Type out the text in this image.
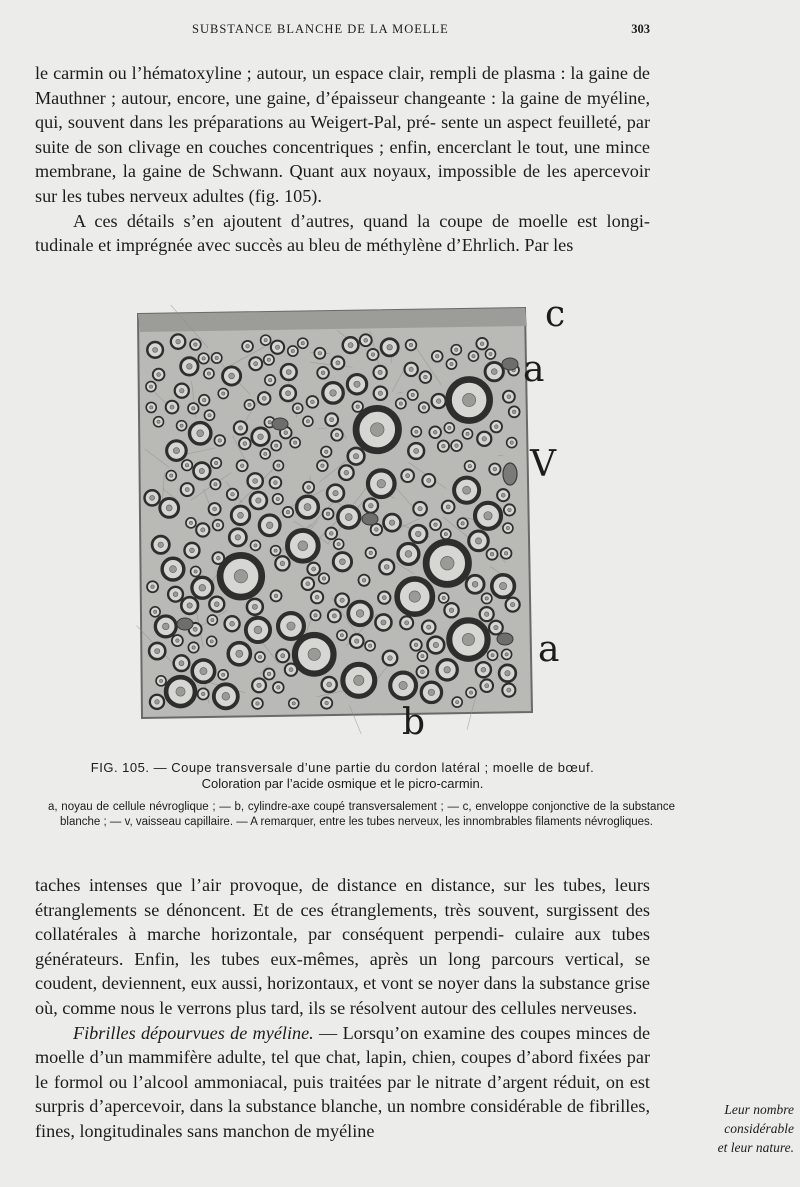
SUBSTANCE BLANCHE DE LA MOELLE	303

le carmin ou l’hématoxyline ; autour, un espace clair, rempli de plasma : la gaine de Mauthner ; autour, encore, une gaine, d’épaisseur changeante : la gaine de myéline, qui, souvent dans les préparations au Weigert-Pal, pré- sente un aspect feuilleté, par suite de son clivage en couches concentriques ; enfin, encerclant le tout, une mince membrane, la gaine de Schwann. Quant aux noyaux, impossible de les apercevoir sur les tubes nerveux adultes (fig. 105).

A ces détails s’en ajoutent d’autres, quand la coupe de moelle est longi- tudinale et imprégnée avec succès au bleu de méthylène d’Ehrlich. Par les

c
a
V
a
b
FIG. 105. — Coupe transversale d’une partie du cordon latéral ; moelle de bœuf.
Coloration par l’acide osmique et le picro-carmin.
a, noyau de cellule névroglique ; — b, cylindre-axe coupé transversalement ; — c, enveloppe conjonctive de la substance blanche ; — v, vaisseau capillaire. — A remarquer, entre les tubes nerveux, les innombrables filaments névrogliques.

taches intenses que l’air provoque, de distance en distance, sur les tubes, leurs étranglements se dénoncent. Et de ces étranglements, très souvent, surgissent des collatérales à marche horizontale, par conséquent perpendi- culaire aux tubes générateurs. Enfin, les tubes eux-mêmes, après un long parcours vertical, se coudent, deviennent, eux aussi, horizontaux, et vont se noyer dans la substance grise où, comme nous le verrons plus tard, ils se résolvent autour des cellules nerveuses.

Fibrilles dépourvues de myéline. — Lorsqu’on examine des coupes minces de moelle d’un mammifère adulte, tel que chat, lapin, chien, coupes d’abord fixées par le formol ou l’alcool ammoniacal, puis traitées par le nitrate d’argent réduit, on est surpris d’apercevoir, dans la substance blanche, un nombre considérable de fibrilles, fines, longitudinales sans manchon de myéline

Leur nombre
considérable
et leur nature.
